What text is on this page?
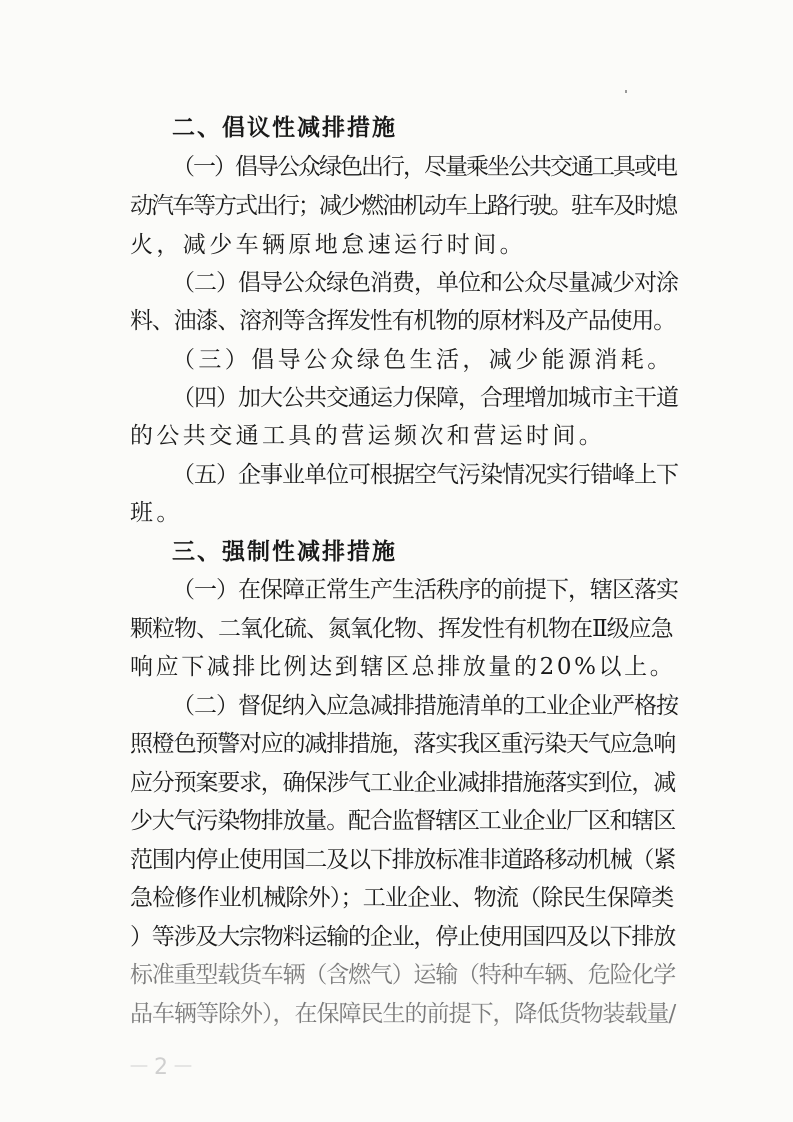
二、倡议性减排措施
（一）倡导公众绿色出行，尽量乘坐公共交通工具或电
动汽车等方式出行；减少燃油机动车上路行驶。驻车及时熄
火，减少车辆原地怠速运行时间。
（二）倡导公众绿色消费，单位和公众尽量减少对涂
料、油漆、溶剂等含挥发性有机物的原材料及产品使用。
（三）倡导公众绿色生活，减少能源消耗。
（四）加大公共交通运力保障，合理增加城市主干道
的公共交通工具的营运频次和营运时间。
（五）企事业单位可根据空气污染情况实行错峰上下
班。
三、强制性减排措施
（一）在保障正常生产生活秩序的前提下，辖区落实
颗粒物、二氧化硫、氮氧化物、挥发性有机物在Ⅱ级应急
响应下减排比例达到辖区总排放量的20%以上。
（二）督促纳入应急减排措施清单的工业企业严格按
照橙色预警对应的减排措施，落实我区重污染天气应急响
应分预案要求，确保涉气工业企业减排措施落实到位，减
少大气污染物排放量。配合监督辖区工业企业厂区和辖区
范围内停止使用国二及以下排放标准非道路移动机械（紧
急检修作业机械除外）；工业企业、物流（除民生保障类
）等涉及大宗物料运输的企业，停止使用国四及以下排放
标准重型载货车辆（含燃气）运输（特种车辆、危险化学
品车辆等除外），在保障民生的前提下，降低货物装载量/
－2－
